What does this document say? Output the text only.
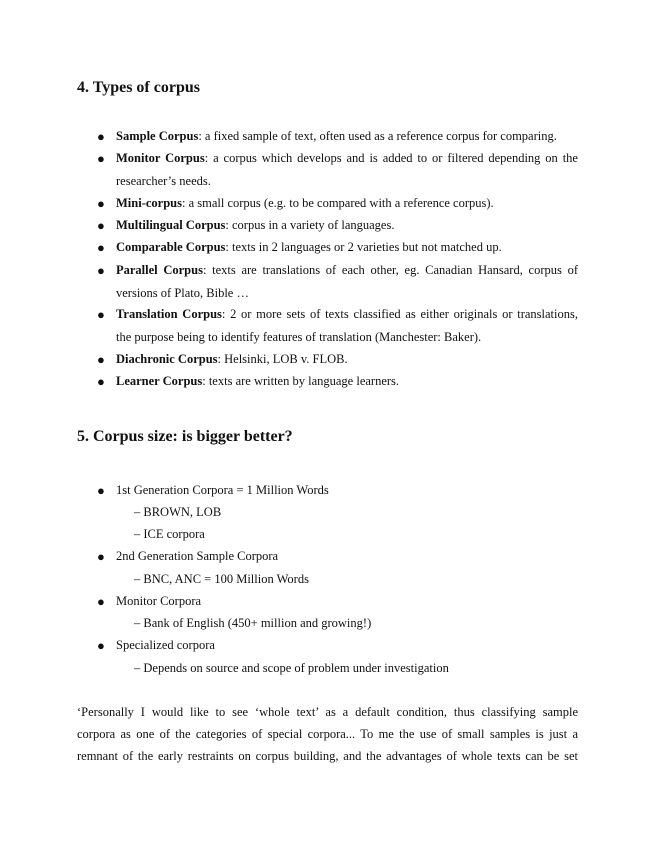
4. Types of corpus
● Sample Corpus: a fixed sample of text, often used as a reference corpus for comparing.
● Monitor Corpus: a corpus which develops and is added to or filtered depending on the
researcher’s needs.
● Mini-corpus: a small corpus (e.g. to be compared with a reference corpus).
● Multilingual Corpus: corpus in a variety of languages.
● Comparable Corpus: texts in 2 languages or 2 varieties but not matched up.
● Parallel Corpus: texts are translations of each other, eg. Canadian Hansard, corpus of
versions of Plato, Bible …
● Translation Corpus: 2 or more sets of texts classified as either originals or translations,
the purpose being to identify features of translation (Manchester: Baker).
● Diachronic Corpus: Helsinki, LOB v. FLOB.
● Learner Corpus: texts are written by language learners.
5. Corpus size: is bigger better?
● 1st Generation Corpora = 1 Million Words
– BROWN, LOB
– ICE corpora
● 2nd Generation Sample Corpora
– BNC, ANC = 100 Million Words
● Monitor Corpora
– Bank of English (450+ million and growing!)
● Specialized corpora
– Depends on source and scope of problem under investigation
‘Personally I would like to see ‘whole text’ as a default condition, thus classifying sample
corpora as one of the categories of special corpora... To me the use of small samples is just a
remnant of the early restraints on corpus building, and the advantages of whole texts can be set
